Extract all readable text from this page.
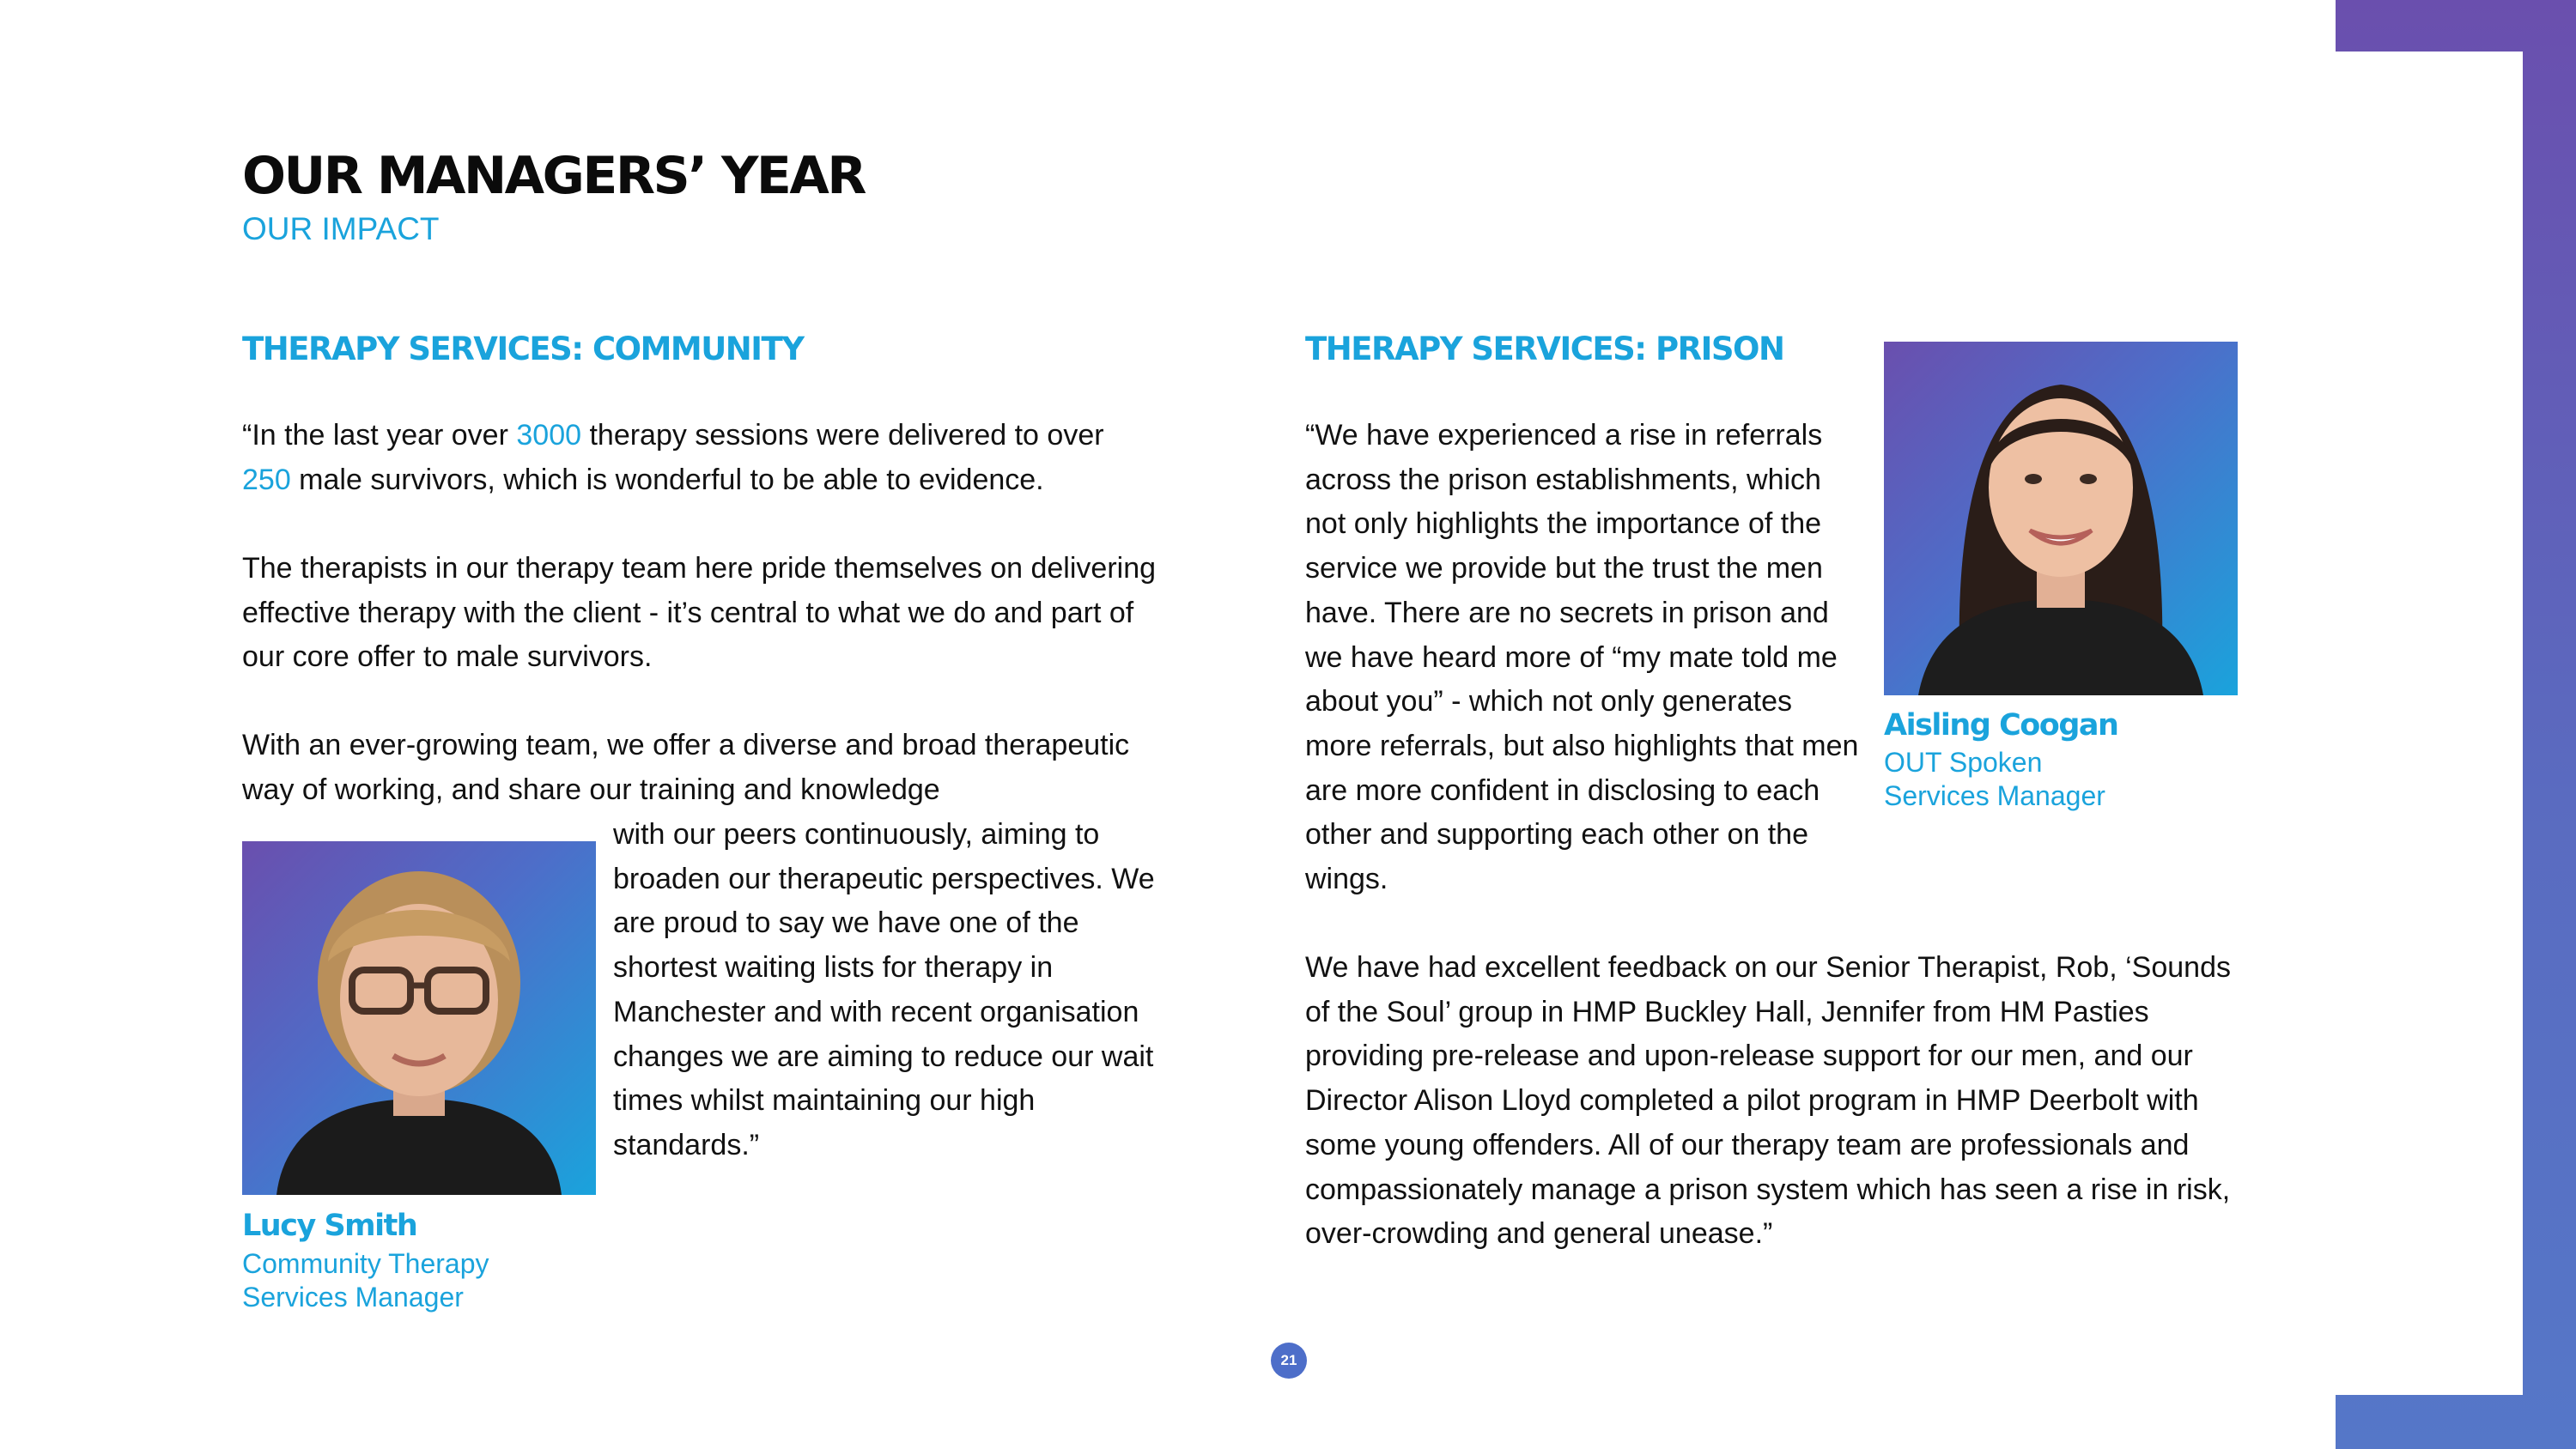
OUR MANAGERS’ YEAR

OUR IMPACT

THERAPY SERVICES: COMMUNITY

“In the last year over 3000 therapy sessions were delivered to over
250 male survivors, which is wonderful to be able to evidence.

The therapists in our therapy team here pride themselves on delivering effective therapy with the client - it’s central to what we do and part of our core offer to male survivors.

With an ever-growing team, we offer a diverse and broad therapeutic way of working, and share our training and knowledge

with our peers continuously, aiming to broaden our therapeutic perspectives. We are proud to say we have one of the shortest waiting lists for therapy in Manchester and with recent organisation changes we are aiming to reduce our wait times whilst maintaining our high standards.”

Lucy Smith

Community Therapy Services Manager

THERAPY SERVICES: PRISON

“We have experienced a rise in referrals across the prison establishments, which not only highlights the importance of the service we provide but the trust the men have. There are no secrets in prison and we have heard more of “my mate told me about you” - which not only generates more referrals, but also highlights that men are more confident in disclosing to each other and supporting each other on the wings.

We have had excellent feedback on our Senior Therapist, Rob, ‘Sounds of the Soul’ group in HMP Buckley Hall, Jennifer from HM Pasties providing pre-release and upon-release support for our men, and our Director Alison Lloyd completed a pilot program in HMP Deerbolt with some young offenders. All of our therapy team are professionals and compassionately manage a prison system which has seen a rise in risk, over-crowding and general unease.”

Aisling Coogan

OUT Spoken Services Manager

21
